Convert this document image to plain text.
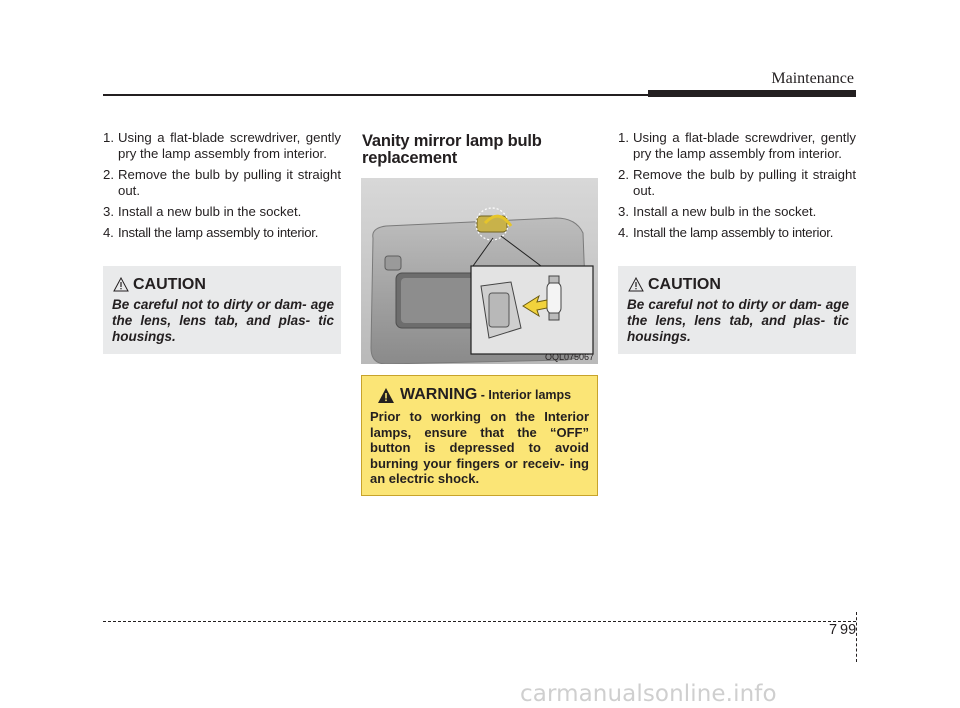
Maintenance
1. Using a flat-blade screwdriver, gently pry the lamp assembly from interior.
2. Remove the bulb by pulling it straight out.
3. Install a new bulb in the socket.
4. Install the lamp assembly to interior.
CAUTION
Be careful not to dirty or dam- age the lens, lens tab, and plas- tic housings.
Vanity mirror lamp bulb replacement
OQL075067
WARNING - Interior lamps
Prior to working on the Interior lamps, ensure that the “OFF” button is depressed to avoid burning your fingers or receiv- ing an electric shock.
1. Using a flat-blade screwdriver, gently pry the lamp assembly from interior.
2. Remove the bulb by pulling it straight out.
3. Install a new bulb in the socket.
4. Install the lamp assembly to interior.
CAUTION
Be careful not to dirty or dam- age the lens, lens tab, and plas- tic housings.
7 99
carmanualsonline.info
